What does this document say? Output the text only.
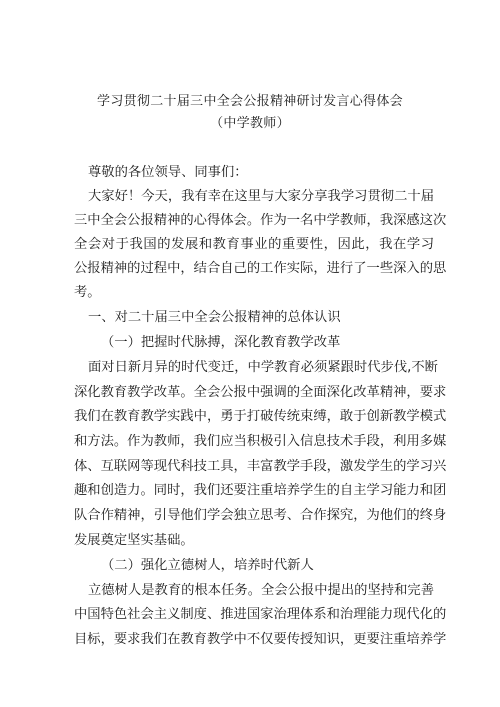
学习贯彻二十届三中全会公报精神研讨发言心得体会
（中学教师）
尊敬的各位领导、同事们：
大家好！今天，我有幸在这里与大家分享我学习贯彻二十届
三中全会公报精神的心得体会。作为一名中学教师，我深感这次
全会对于我国的发展和教育事业的重要性，因此，我在学习
公报精神的过程中，结合自己的工作实际，进行了一些深入的思
考。
一、对二十届三中全会公报精神的总体认识
（一）把握时代脉搏，深化教育教学改革
面对日新月异的时代变迁，中学教育必须紧跟时代步伐,不断
深化教育教学改革。全会公报中强调的全面深化改革精神，要求
我们在教育教学实践中，勇于打破传统束缚，敢于创新教学模式
和方法。作为教师，我们应当积极引入信息技术手段，利用多媒
体、互联网等现代科技工具，丰富教学手段，激发学生的学习兴
趣和创造力。同时，我们还要注重培养学生的自主学习能力和团
队合作精神，引导他们学会独立思考、合作探究，为他们的终身
发展奠定坚实基础。
（二）强化立德树人，培养时代新人
立德树人是教育的根本任务。全会公报中提出的坚持和完善
中国特色社会主义制度、推进国家治理体系和治理能力现代化的
目标，要求我们在教育教学中不仅要传授知识，更要注重培养学
